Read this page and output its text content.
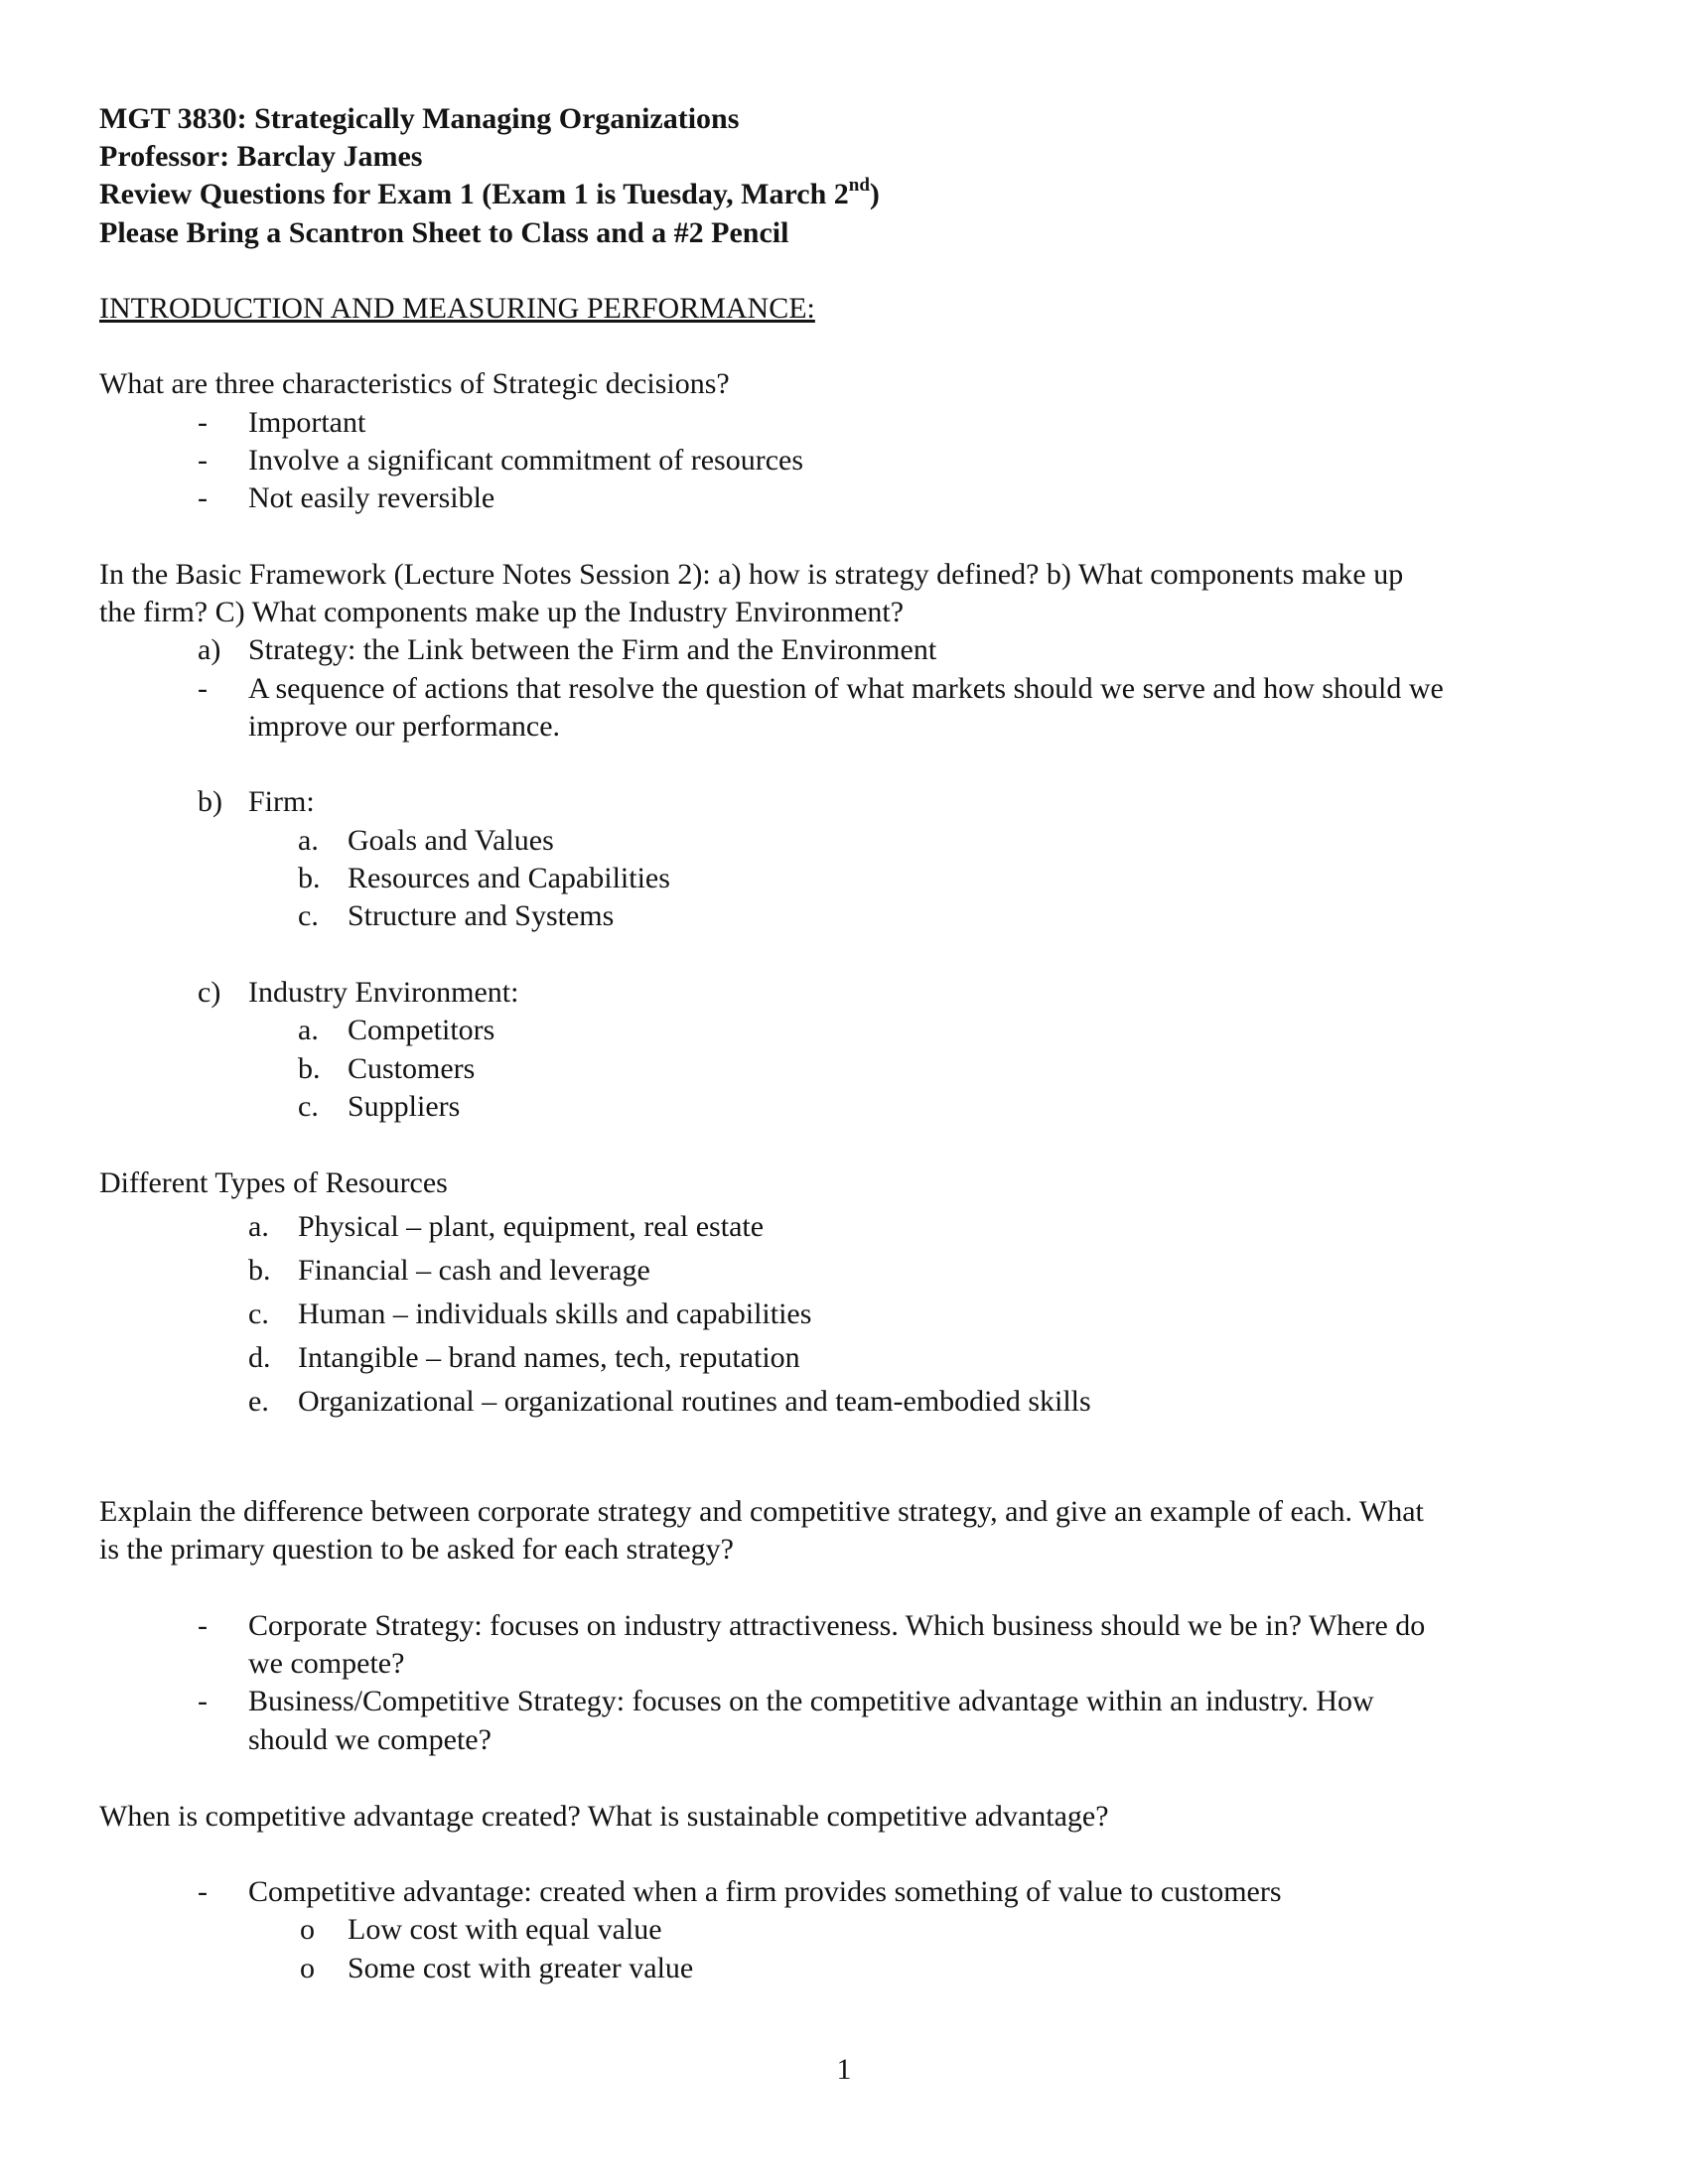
MGT 3830: Strategically Managing Organizations
Professor: Barclay James
Review Questions for Exam 1 (Exam 1 is Tuesday, March 2nd)
Please Bring a Scantron Sheet to Class and a #2 Pencil
INTRODUCTION AND MEASURING PERFORMANCE:
What are three characteristics of Strategic decisions?
- Important
- Involve a significant commitment of resources
- Not easily reversible
In the Basic Framework (Lecture Notes Session 2): a) how is strategy defined? b) What components make up
the firm? C) What components make up the Industry Environment?
a) Strategy: the Link between the Firm and the Environment
- A sequence of actions that resolve the question of what markets should we serve and how should we
improve our performance.
b) Firm:
a. Goals and Values
b. Resources and Capabilities
c. Structure and Systems
c) Industry Environment:
a. Competitors
b. Customers
c. Suppliers
Different Types of Resources
a. Physical – plant, equipment, real estate
b. Financial – cash and leverage
c. Human – individuals skills and capabilities
d. Intangible – brand names, tech, reputation
e. Organizational – organizational routines and team-embodied skills
Explain the difference between corporate strategy and competitive strategy, and give an example of each. What
is the primary question to be asked for each strategy?
- Corporate Strategy: focuses on industry attractiveness. Which business should we be in? Where do
we compete?
- Business/Competitive Strategy: focuses on the competitive advantage within an industry. How
should we compete?
When is competitive advantage created? What is sustainable competitive advantage?
- Competitive advantage: created when a firm provides something of value to customers
o Low cost with equal value
o Some cost with greater value
1
